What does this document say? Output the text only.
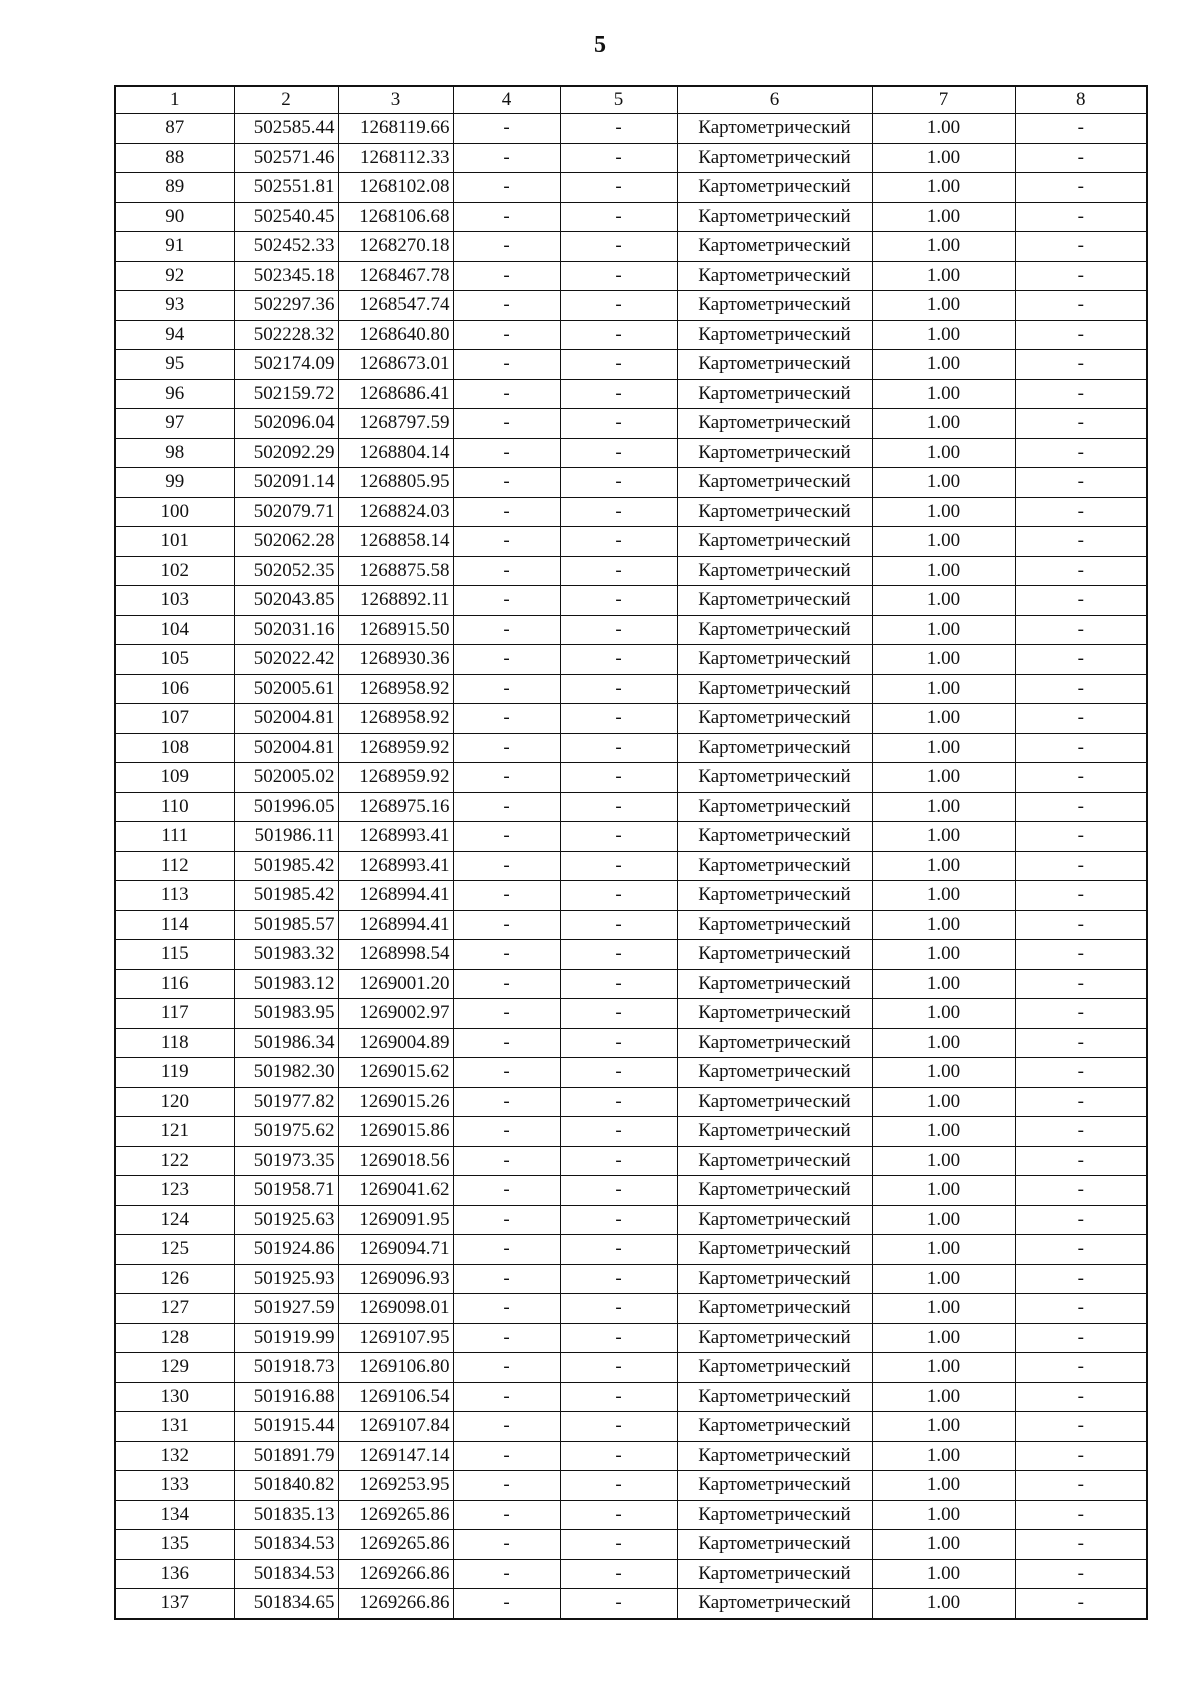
5
1	2	3	4	5	6	7	8
87	502585.44	1268119.66	-	-	Картометрический	1.00	-
88	502571.46	1268112.33	-	-	Картометрический	1.00	-
89	502551.81	1268102.08	-	-	Картометрический	1.00	-
90	502540.45	1268106.68	-	-	Картометрический	1.00	-
91	502452.33	1268270.18	-	-	Картометрический	1.00	-
92	502345.18	1268467.78	-	-	Картометрический	1.00	-
93	502297.36	1268547.74	-	-	Картометрический	1.00	-
94	502228.32	1268640.80	-	-	Картометрический	1.00	-
95	502174.09	1268673.01	-	-	Картометрический	1.00	-
96	502159.72	1268686.41	-	-	Картометрический	1.00	-
97	502096.04	1268797.59	-	-	Картометрический	1.00	-
98	502092.29	1268804.14	-	-	Картометрический	1.00	-
99	502091.14	1268805.95	-	-	Картометрический	1.00	-
100	502079.71	1268824.03	-	-	Картометрический	1.00	-
101	502062.28	1268858.14	-	-	Картометрический	1.00	-
102	502052.35	1268875.58	-	-	Картометрический	1.00	-
103	502043.85	1268892.11	-	-	Картометрический	1.00	-
104	502031.16	1268915.50	-	-	Картометрический	1.00	-
105	502022.42	1268930.36	-	-	Картометрический	1.00	-
106	502005.61	1268958.92	-	-	Картометрический	1.00	-
107	502004.81	1268958.92	-	-	Картометрический	1.00	-
108	502004.81	1268959.92	-	-	Картометрический	1.00	-
109	502005.02	1268959.92	-	-	Картометрический	1.00	-
110	501996.05	1268975.16	-	-	Картометрический	1.00	-
111	501986.11	1268993.41	-	-	Картометрический	1.00	-
112	501985.42	1268993.41	-	-	Картометрический	1.00	-
113	501985.42	1268994.41	-	-	Картометрический	1.00	-
114	501985.57	1268994.41	-	-	Картометрический	1.00	-
115	501983.32	1268998.54	-	-	Картометрический	1.00	-
116	501983.12	1269001.20	-	-	Картометрический	1.00	-
117	501983.95	1269002.97	-	-	Картометрический	1.00	-
118	501986.34	1269004.89	-	-	Картометрический	1.00	-
119	501982.30	1269015.62	-	-	Картометрический	1.00	-
120	501977.82	1269015.26	-	-	Картометрический	1.00	-
121	501975.62	1269015.86	-	-	Картометрический	1.00	-
122	501973.35	1269018.56	-	-	Картометрический	1.00	-
123	501958.71	1269041.62	-	-	Картометрический	1.00	-
124	501925.63	1269091.95	-	-	Картометрический	1.00	-
125	501924.86	1269094.71	-	-	Картометрический	1.00	-
126	501925.93	1269096.93	-	-	Картометрический	1.00	-
127	501927.59	1269098.01	-	-	Картометрический	1.00	-
128	501919.99	1269107.95	-	-	Картометрический	1.00	-
129	501918.73	1269106.80	-	-	Картометрический	1.00	-
130	501916.88	1269106.54	-	-	Картометрический	1.00	-
131	501915.44	1269107.84	-	-	Картометрический	1.00	-
132	501891.79	1269147.14	-	-	Картометрический	1.00	-
133	501840.82	1269253.95	-	-	Картометрический	1.00	-
134	501835.13	1269265.86	-	-	Картометрический	1.00	-
135	501834.53	1269265.86	-	-	Картометрический	1.00	-
136	501834.53	1269266.86	-	-	Картометрический	1.00	-
137	501834.65	1269266.86	-	-	Картометрический	1.00	-
